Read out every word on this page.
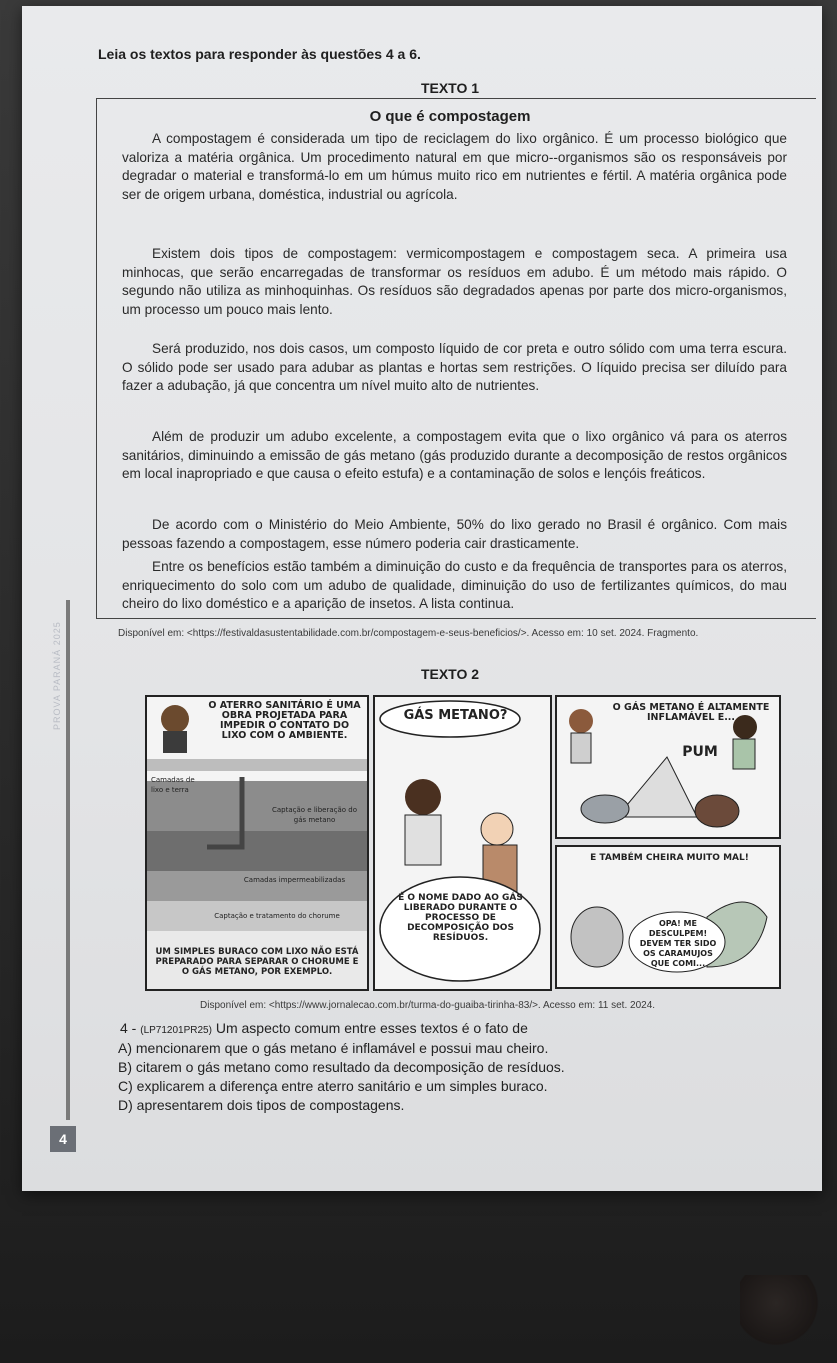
PROVA PARANÁ 2025
4
Leia os textos para responder às questões 4 a 6.
TEXTO 1
O que é compostagem
A compostagem é considerada um tipo de reciclagem do lixo orgânico. É um processo biológico que valoriza a matéria orgânica. Um procedimento natural em que micro--organismos são os responsáveis por degradar o material e transformá-lo em um húmus muito rico em nutrientes e fértil. A matéria orgânica pode ser de origem urbana, doméstica, industrial ou agrícola.
Existem dois tipos de compostagem: vermicompostagem e compostagem seca. A primeira usa minhocas, que serão encarregadas de transformar os resíduos em adubo. É um método mais rápido. O segundo não utiliza as minhoquinhas. Os resíduos são degradados apenas por parte dos micro-organismos, um processo um pouco mais lento.
Será produzido, nos dois casos, um composto líquido de cor preta e outro sólido com uma terra escura. O sólido pode ser usado para adubar as plantas e hortas sem restrições. O líquido precisa ser diluído para fazer a adubação, já que concentra um nível muito alto de nutrientes.
Além de produzir um adubo excelente, a compostagem evita que o lixo orgânico vá para os aterros sanitários, diminuindo a emissão de gás metano (gás produzido durante a decomposição de restos orgânicos em local inapropriado e que causa o efeito estufa) e a contaminação de solos e lençóis freáticos.
De acordo com o Ministério do Meio Ambiente, 50% do lixo gerado no Brasil é orgânico. Com mais pessoas fazendo a compostagem, esse número poderia cair drasticamente.
Entre os benefícios estão também a diminuição do custo e da frequência de transportes para os aterros, enriquecimento do solo com um adubo de qualidade, diminuição do uso de fertilizantes químicos, do mau cheiro do lixo doméstico e a aparição de insetos. A lista continua.
Disponível em: <https://festivaldasustentabilidade.com.br/compostagem-e-seus-beneficios/>. Acesso em: 10 set. 2024. Fragmento.
TEXTO 2
O ATERRO SANITÁRIO É UMA OBRA PROJETADA PARA IMPEDIR O CONTATO DO LIXO COM O AMBIENTE.
Camadas de lixo e terra
Captação e liberação do gás metano
Camadas impermeabilizadas
Captação e tratamento do chorume
UM SIMPLES BURACO COM LIXO NÃO ESTÁ PREPARADO PARA SEPARAR O CHORUME E O GÁS METANO, POR EXEMPLO.
GÁS METANO?
É O NOME DADO AO GÁS LIBERADO DURANTE O PROCESSO DE DECOMPOSIÇÃO DOS RESÍDUOS.
O GÁS METANO É ALTAMENTE INFLAMÁVEL E...
PUM
E TAMBÉM CHEIRA MUITO MAL!
OPA! ME DESCULPEM! DEVEM TER SIDO OS CARAMUJOS QUE COMI...
Disponível em: <https://www.jornalecao.com.br/turma-do-guaiba-tirinha-83/>. Acesso em: 11 set. 2024.
4 - (LP71201PR25) Um aspecto comum entre esses textos é o fato de
A) mencionarem que o gás metano é inflamável e possui mau cheiro.
B) citarem o gás metano como resultado da decomposição de resíduos.
C) explicarem a diferença entre aterro sanitário e um simples buraco.
D) apresentarem dois tipos de compostagens.
